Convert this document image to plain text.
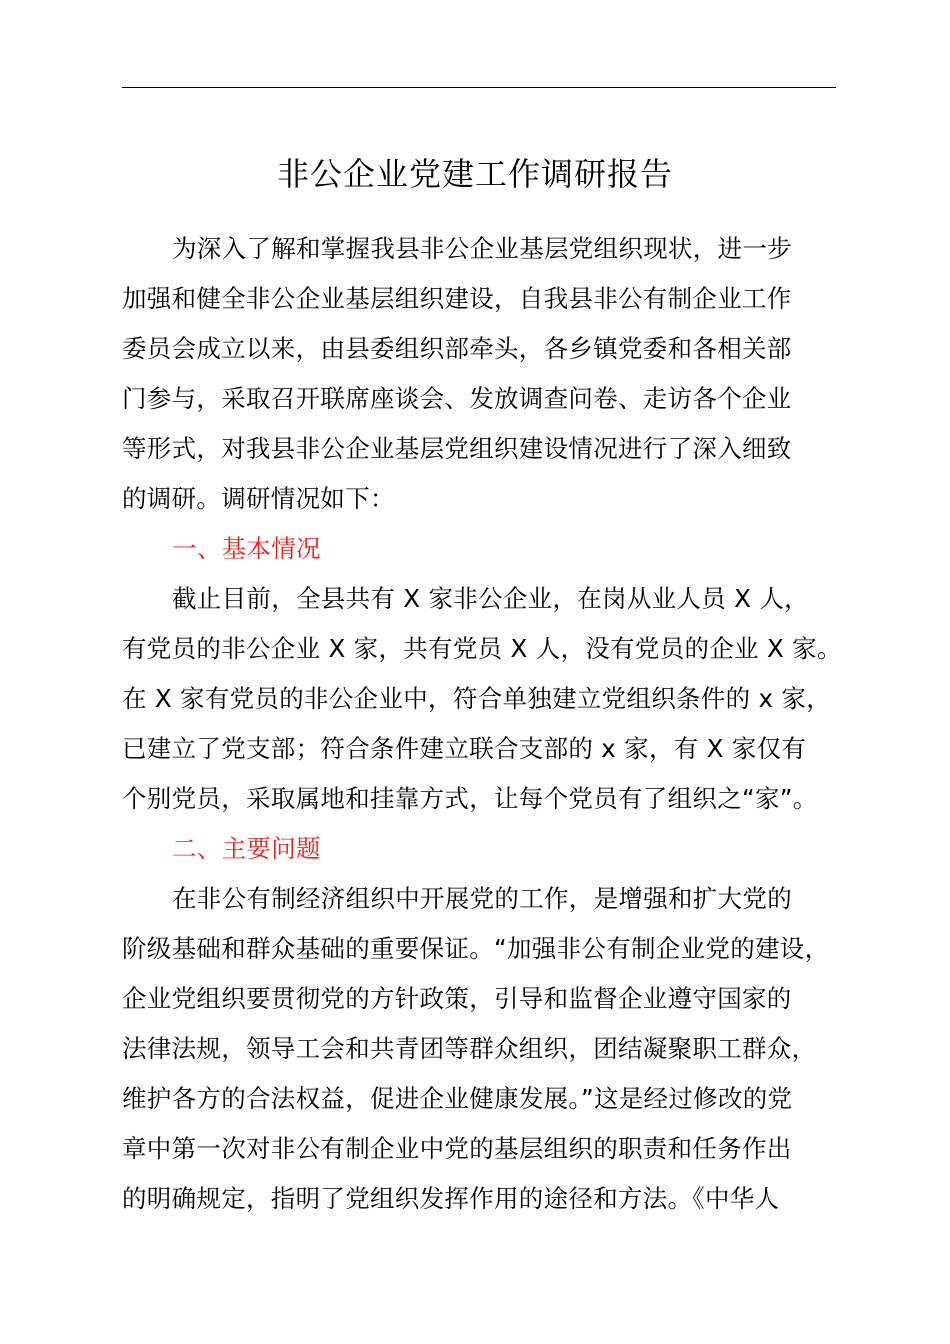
非公企业党建工作调研报告
为深入了解和掌握我县非公企业基层党组织现状，进一步
加强和健全非公企业基层组织建设，自我县非公有制企业工作
委员会成立以来，由县委组织部牵头，各乡镇党委和各相关部
门参与，采取召开联席座谈会、发放调查问卷、走访各个企业
等形式，对我县非公企业基层党组织建设情况进行了深入细致
的调研。调研情况如下：
一、基本情况
截止目前，全县共有 X 家非公企业，在岗从业人员 X 人，
有党员的非公企业 X 家，共有党员 X 人，没有党员的企业 X 家。
在 X 家有党员的非公企业中，符合单独建立党组织条件的 x 家，
已建立了党支部；符合条件建立联合支部的 x 家，有 X 家仅有
个别党员，采取属地和挂靠方式，让每个党员有了组织之“家”。
二、主要问题
在非公有制经济组织中开展党的工作，是增强和扩大党的
阶级基础和群众基础的重要保证。“加强非公有制企业党的建设，
企业党组织要贯彻党的方针政策，引导和监督企业遵守国家的
法律法规，领导工会和共青团等群众组织，团结凝聚职工群众，
维护各方的合法权益，促进企业健康发展。”这是经过修改的党
章中第一次对非公有制企业中党的基层组织的职责和任务作出
的明确规定，指明了党组织发挥作用的途径和方法。《中华人
